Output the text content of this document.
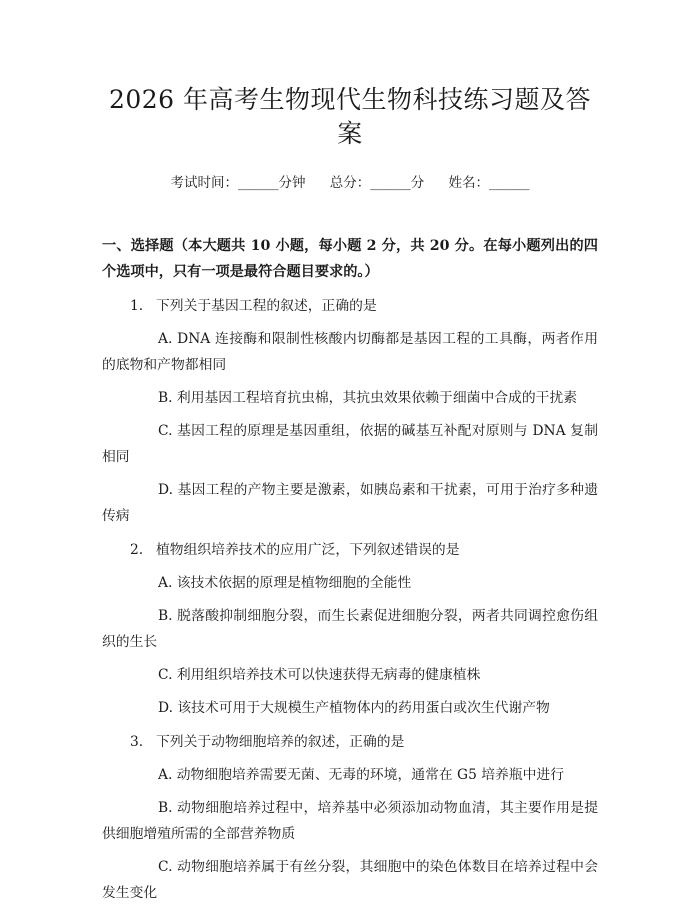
2026 年高考生物现代生物科技练习题及答案
考试时间：______分钟 总分：______分 姓名：______
一、选择题（本大题共 10 小题，每小题 2 分，共 20 分。在每小题列出的四个选项中，只有一项是最符合题目要求的。）
1. 下列关于基因工程的叙述，正确的是
A. DNA 连接酶和限制性核酸内切酶都是基因工程的工具酶，两者作用的底物和产物都相同
B. 利用基因工程培育抗虫棉，其抗虫效果依赖于细菌中合成的干扰素
C. 基因工程的原理是基因重组，依据的碱基互补配对原则与 DNA 复制相同
D. 基因工程的产物主要是激素，如胰岛素和干扰素，可用于治疗多种遗传病
2. 植物组织培养技术的应用广泛，下列叙述错误的是
A. 该技术依据的原理是植物细胞的全能性
B. 脱落酸抑制细胞分裂，而生长素促进细胞分裂，两者共同调控愈伤组织的生长
C. 利用组织培养技术可以快速获得无病毒的健康植株
D. 该技术可用于大规模生产植物体内的药用蛋白或次生代谢产物
3. 下列关于动物细胞培养的叙述，正确的是
A. 动物细胞培养需要无菌、无毒的环境，通常在 G5 培养瓶中进行
B. 动物细胞培养过程中，培养基中必须添加动物血清，其主要作用是提供细胞增殖所需的全部营养物质
C. 动物细胞培养属于有丝分裂，其细胞中的染色体数目在培养过程中会发生变化
